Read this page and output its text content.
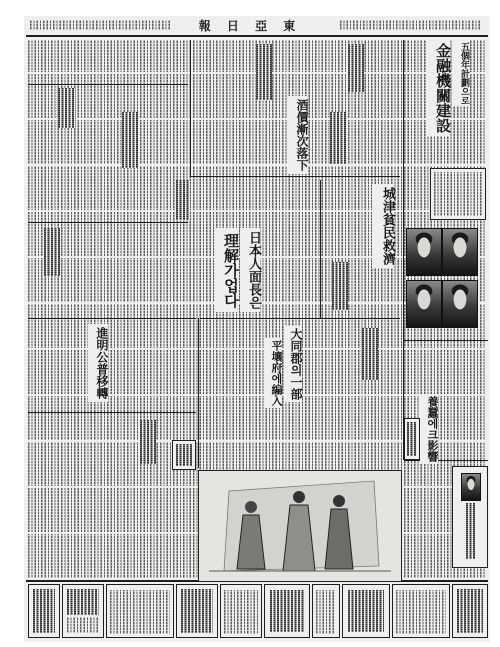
報 日 亞 東
五個年計劃으로
金融機關建設
酒價漸次落下
城津貧民救濟
日本人面長은
理解가업다
大同郡의一部
平壤府에編入
進明公普移轉
養蠶에크影響
